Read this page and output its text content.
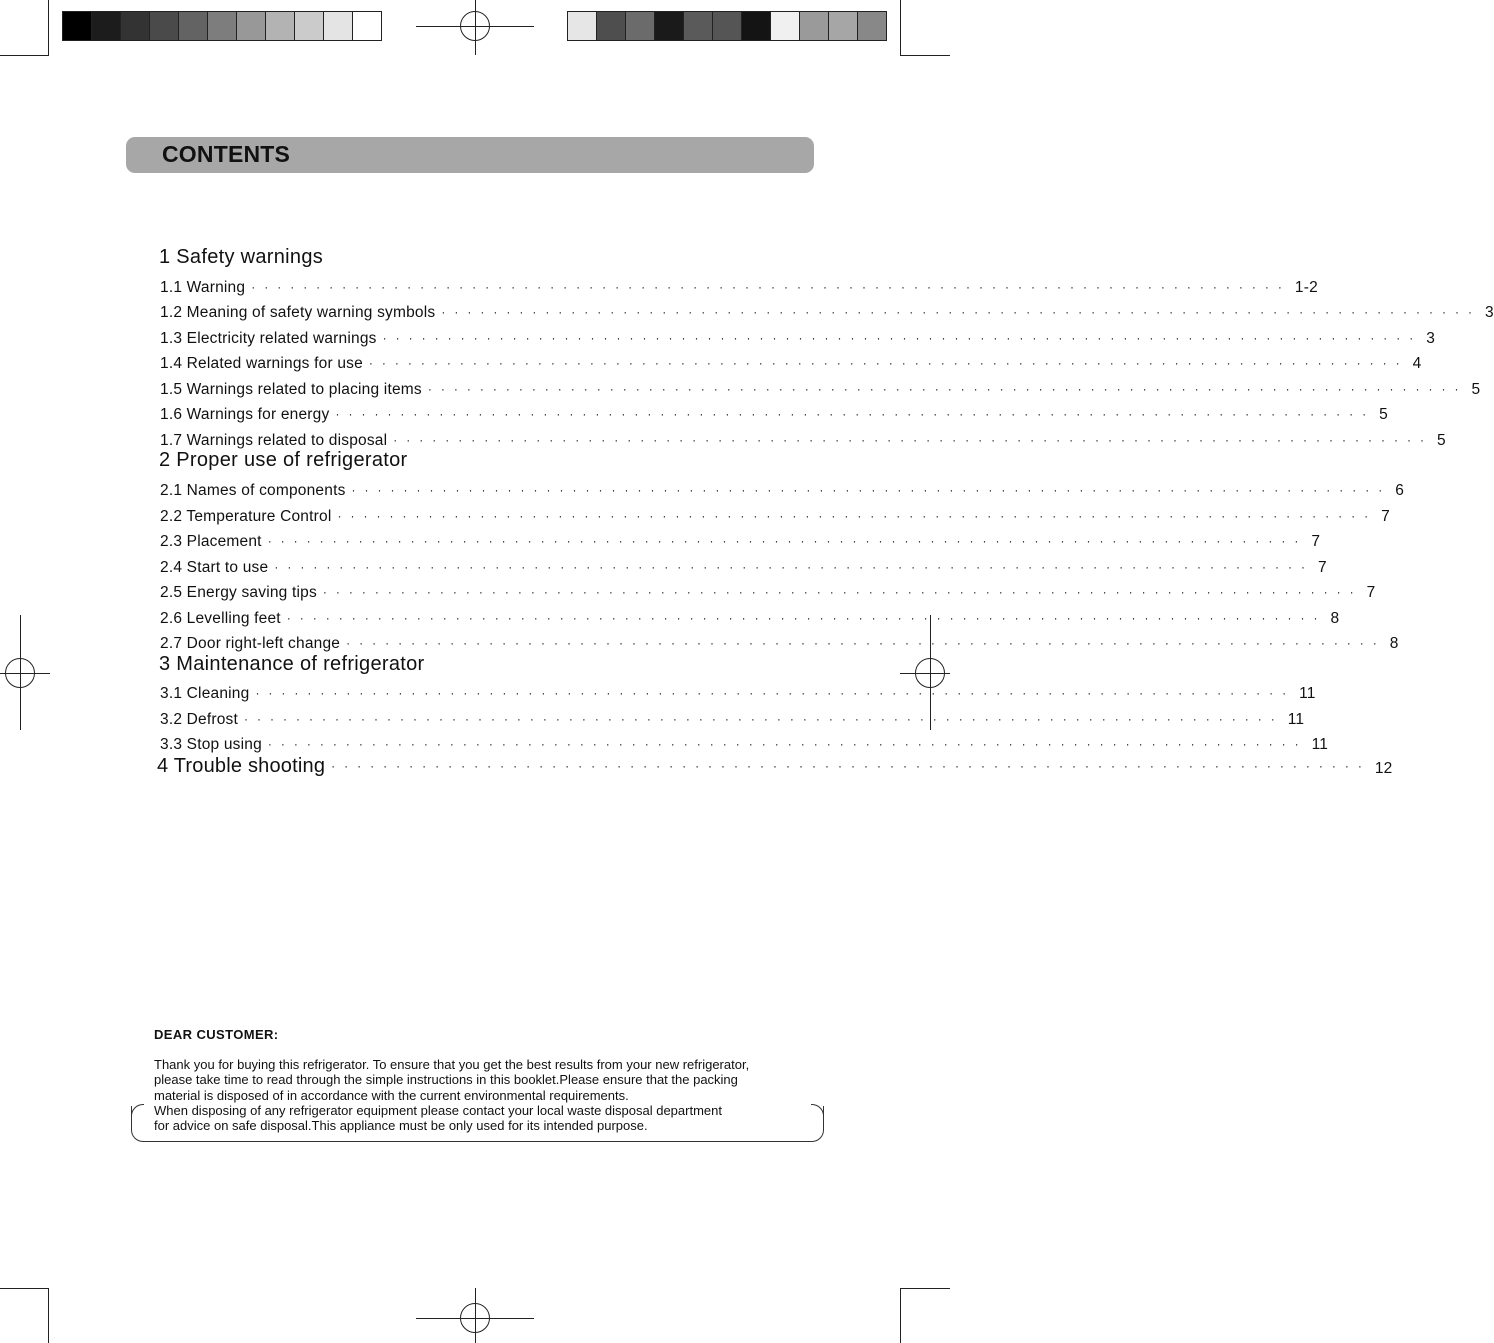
CONTENTS
1 Safety warnings
1.1 Warning ················································································ 1-2
1.2 Meaning of safety warning symbols ················································································ 3
1.3 Electricity related warnings ················································································ 3
1.4 Related warnings for use ················································································ 4
1.5 Warnings related to placing items ················································································ 5
1.6 Warnings for energy ················································································ 5
1.7 Warnings related to disposal ················································································ 5
2 Proper use of refrigerator
2.1 Names of components ················································································ 6
2.2 Temperature Control ················································································ 7
2.3 Placement ················································································ 7
2.4 Start to use ················································································ 7
2.5 Energy saving tips ················································································ 7
2.6 Levelling feet ················································································ 8
2.7 Door right-left change ················································································ 8
3 Maintenance of refrigerator
3.1 Cleaning ················································································ 11
3.2 Defrost ················································································ 11
3.3 Stop using ················································································ 11
4 Trouble shooting ················································································ 12
DEAR CUSTOMER:

Thank you for buying this refrigerator. To ensure that you get the best results from your new refrigerator,

please take time to read through the simple instructions in this booklet.Please ensure that the packing

material is disposed of in accordance with the current environmental requirements.

When disposing of any refrigerator equipment please contact your local waste disposal department

for advice on safe disposal.This appliance must be only used for its intended purpose.
